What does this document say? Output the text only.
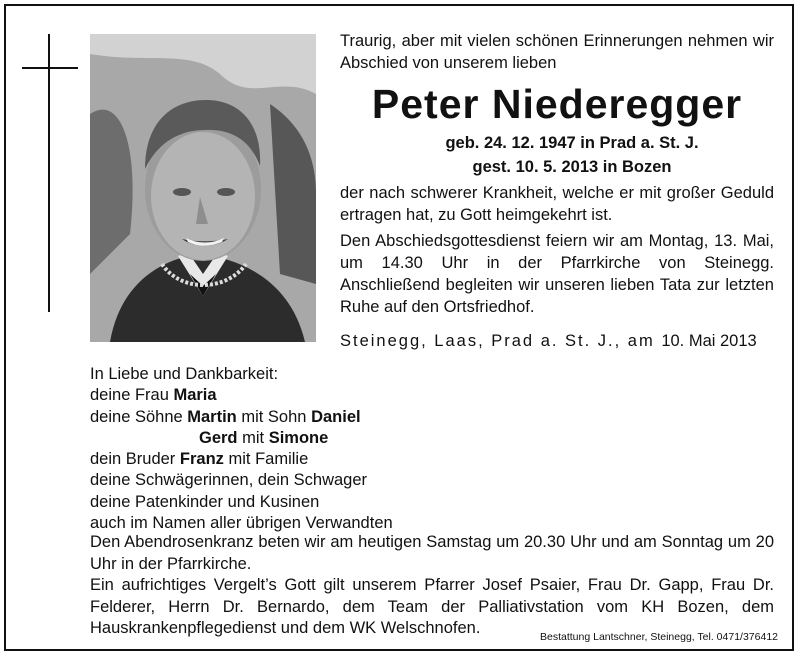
Traurig, aber mit vielen schönen Erinnerungen nehmen wir Abschied von unserem lieben

Peter Niederegger
geb. 24. 12. 1947 in Prad a. St. J.
gest. 10. 5. 2013 in Bozen

der nach schwerer Krankheit, welche er mit großer Geduld ertragen hat, zu Gott heimgekehrt ist.

Den Abschiedsgottesdienst feiern wir am Montag, 13. Mai, um 14.30 Uhr in der Pfarrkirche von Steinegg. Anschließend begleiten wir unseren lieben Tata zur letzten Ruhe auf den Ortsfriedhof.

Steinegg, Laas, Prad a. St. J., am 10. Mai 2013

In Liebe und Dankbarkeit:
deine Frau Maria
deine Söhne Martin mit Sohn Daniel
Gerd mit Simone
dein Bruder Franz mit Familie
deine Schwägerinnen, dein Schwager
deine Patenkinder und Kusinen
auch im Namen aller übrigen Verwandten

Den Abendrosenkranz beten wir am heutigen Samstag um 20.30 Uhr und am Sonntag um 20 Uhr in der Pfarrkirche.

Ein aufrichtiges Vergelt’s Gott gilt unserem Pfarrer Josef Psaier, Frau Dr. Gapp, Frau Dr. Felderer, Herrn Dr. Bernardo, dem Team der Palliativstation vom KH Bozen, dem Hauskrankenpflegedienst und dem WK Welschnofen.	Bestattung Lantschner, Steinegg, Tel. 0471/376412
